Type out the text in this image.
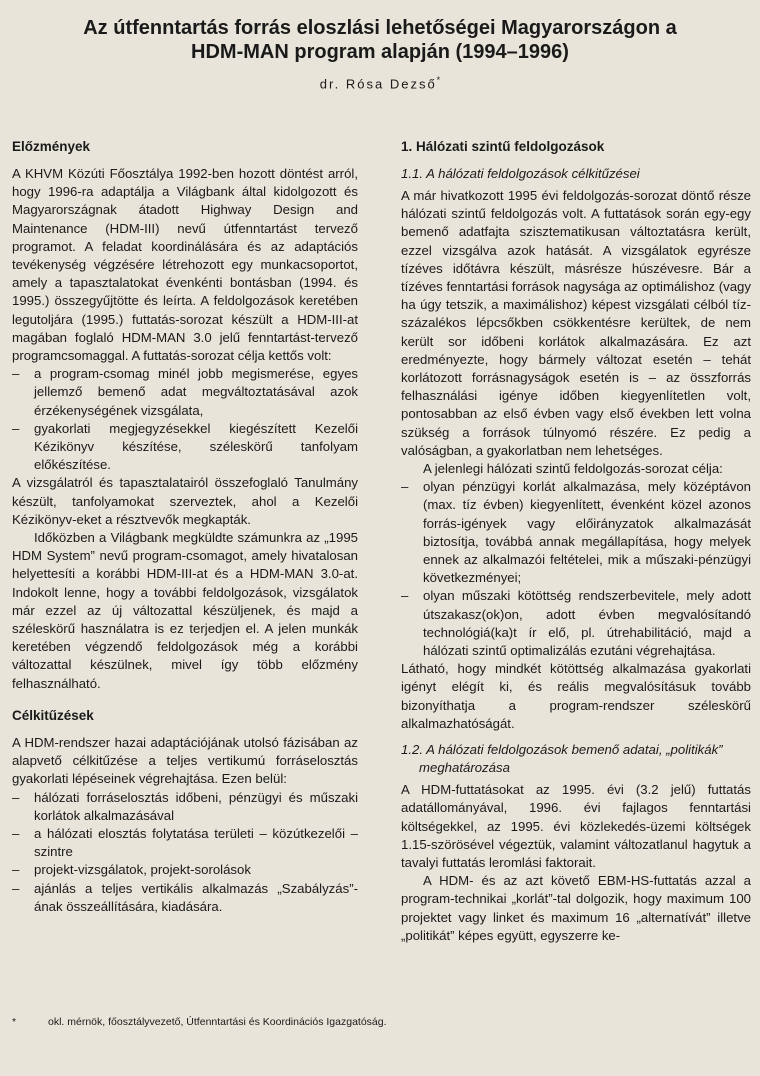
Az útfenntartás forrás eloszlási lehetőségei Magyarországon a
HDM-MAN program alapján (1994–1996)
dr. Rósa Dezső*
Előzmények

A KHVM Közúti Főosztálya 1992-ben hozott döntést arról, hogy 1996-ra adaptálja a Világbank által kidolgozott és Magyarországnak átadott Highway Design and Maintenance (HDM-III) nevű útfenntartást tervező programot. A feladat koordinálására és az adaptációs tevékenység végzésére létrehozott egy munkacsoportot, amely a tapasztalatokat évenkénti bontásban (1994. és 1995.) összegyűjtötte és leírta. A feldolgozások keretében legutoljára (1995.) futtatás-sorozat készült a HDM-III-at magában foglaló HDM-MAN 3.0 jelű fenntartást-tervező programcsomaggal. A futtatás-sorozat célja kettős volt:

– a program-csomag minél jobb megismerése, egyes jellemző bemenő adat megváltoztatásával azok érzékenységének vizsgálata,
– gyakorlati megjegyzésekkel kiegészített Kezelői Kézikönyv készítése, széleskörű tanfolyam előkészítése.

A vizsgálatról és tapasztalatairól összefoglaló Tanulmány készült, tanfolyamokat szerveztek, ahol a Kezelői Kézikönyv-eket a résztvevők megkapták.

Időközben a Világbank megküldte számunkra az „1995 HDM System” nevű program-csomagot, amely hivatalosan helyettesíti a korábbi HDM-III-at és a HDM-MAN 3.0-at. Indokolt lenne, hogy a további feldolgozások, vizsgálatok már ezzel az új változattal készüljenek, és majd a széleskörű használatra is ez terjedjen el. A jelen munkák keretében végzendő feldolgozások még a korábbi változattal készülnek, mivel így több előzmény felhasználható.

Célkitűzések

A HDM-rendszer hazai adaptációjának utolsó fázisában az alapvető célkitűzése a teljes vertikumú forráselosztás gyakorlati lépéseinek végrehajtása. Ezen belül:

– hálózati forráselosztás időbeni, pénzügyi és műszaki korlátok alkalmazásával
– a hálózati elosztás folytatása területi – közútkezelői – szintre
– projekt-vizsgálatok, projekt-sorolások
– ajánlás a teljes vertikális alkalmazás „Szabályzás”-ának összeállítására, kiadására.
1. Hálózati szintű feldolgozások
1.1. A hálózati feldolgozások célkitűzései

A már hivatkozott 1995 évi feldolgozás-sorozat döntő része hálózati szintű feldolgozás volt. A futtatások során egy-egy bemenő adatfajta szisztematikusan változtatásra került, ezzel vizsgálva azok hatását. A vizsgálatok egyrésze tízéves időtávra készült, másrésze húszévesre. Bár a tízéves fenntartási források nagysága az optimálishoz (vagy ha úgy tetszik, a maximálishoz) képest vizsgálati célból tíz-százalékos lépcsőkben csökkentésre kerültek, de nem került sor időbeni korlátok alkalmazására. Ez azt eredményezte, hogy bármely változat esetén – tehát korlátozott forrásnagyságok esetén is – az összforrás felhasználási igénye időben kiegyenlítetlen volt, pontosabban az első évben vagy első években lett volna szükség a források túlnyomó részére. Ez pedig a valóságban, a gyakorlatban nem lehetséges.

A jelenlegi hálózati szintű feldolgozás-sorozat célja:

– olyan pénzügyi korlát alkalmazása, mely középtávon (max. tíz évben) kiegyenlített, évenként közel azonos forrás-igények vagy előirányzatok alkalmazását biztosítja, továbbá annak megállapítása, hogy melyek ennek az alkalmazói feltételei, mik a műszaki-pénzügyi következményei;
– olyan műszaki kötöttség rendszerbevitele, mely adott útszakasz(ok)on, adott évben megvalósítandó technológiá(ka)t ír elő, pl. útrehabilitáció, majd a hálózati szintű optimalizálás ezutáni végrehajtása.

Látható, hogy mindkét kötöttség alkalmazása gyakorlati igényt elégít ki, és reális megvalósításuk tovább bizonyíthatja a program-rendszer széleskörű alkalmazhatóságát.

1.2. A hálózati feldolgozások bemenő adatai, „politikák” meghatározása

A HDM-futtatásokat az 1995. évi (3.2 jelű) futtatás adatállományával, 1996. évi fajlagos fenntartási költségekkel, az 1995. évi közlekedés-üzemi költségek 1.15-szörösével végeztük, valamint változatlanul hagytuk a tavalyi futtatás leromlási faktorait.

A HDM- és az azt követő EBM-HS-futtatás azzal a program-technikai „korlát”-tal dolgozik, hogy maximum 100 projektet vagy linket és maximum 16 „alternatívát” illetve „politikát” képes együtt, egyszerre ke-

*	okl. mérnök, főosztályvezető, Útfenntartási és Koordinációs Igazgatóság.
